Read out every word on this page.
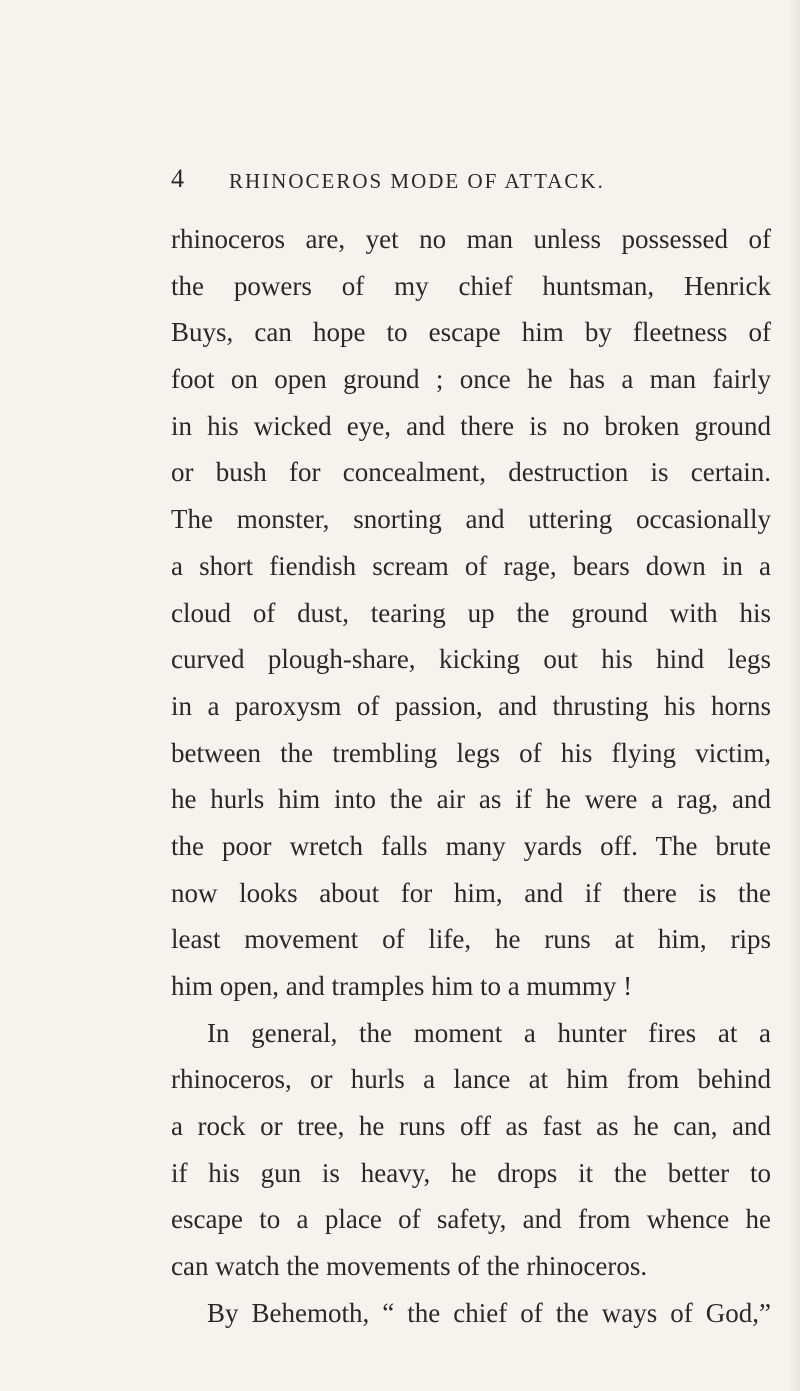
4 RHINOCEROS MODE OF ATTACK.
rhinoceros are, yet no man unless possessed of
the powers of my chief huntsman, Henrick
Buys, can hope to escape him by fleetness of
foot on open ground ; once he has a man fairly
in his wicked eye, and there is no broken ground
or bush for concealment, destruction is certain.
The monster, snorting and uttering occasionally
a short fiendish scream of rage, bears down in a
cloud of dust, tearing up the ground with his
curved plough-share, kicking out his hind legs
in a paroxysm of passion, and thrusting his horns
between the trembling legs of his flying victim,
he hurls him into the air as if he were a rag, and
the poor wretch falls many yards off. The brute
now looks about for him, and if there is the
least movement of life, he runs at him, rips
him open, and tramples him to a mummy !
In general, the moment a hunter fires at a
rhinoceros, or hurls a lance at him from behind
a rock or tree, he runs off as fast as he can, and
if his gun is heavy, he drops it the better to
escape to a place of safety, and from whence he
can watch the movements of the rhinoceros.
By Behemoth, “ the chief of the ways of God,”
